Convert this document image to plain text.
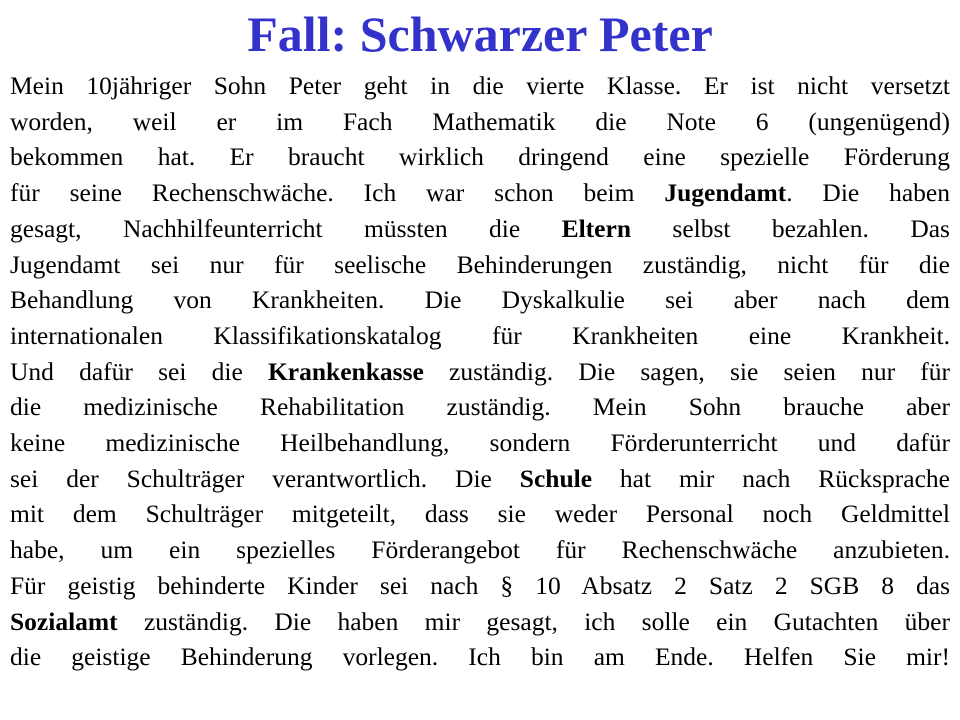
Fall: Schwarzer Peter
Mein 10jähriger Sohn Peter geht in die vierte Klasse. Er ist nicht versetzt
worden, weil er im Fach Mathematik die Note 6 (ungenügend)
bekommen hat. Er braucht wirklich dringend eine spezielle Förderung
für seine Rechenschwäche. Ich war schon beim Jugendamt. Die haben
gesagt, Nachhilfeunterricht müssten die Eltern selbst bezahlen. Das
Jugendamt sei nur für seelische Behinderungen zuständig, nicht für die
Behandlung von Krankheiten. Die Dyskalkulie sei aber nach dem
internationalen Klassifikationskatalog für Krankheiten eine Krankheit.
Und dafür sei die Krankenkasse zuständig. Die sagen, sie seien nur für
die medizinische Rehabilitation zuständig. Mein Sohn brauche aber
keine medizinische Heilbehandlung, sondern Förderunterricht und dafür
sei der Schulträger verantwortlich. Die Schule hat mir nach Rücksprache
mit dem Schulträger mitgeteilt, dass sie weder Personal noch Geldmittel
habe, um ein spezielles Förderangebot für Rechenschwäche anzubieten.
Für geistig behinderte Kinder sei nach § 10 Absatz 2 Satz 2 SGB 8 das
Sozialamt zuständig. Die haben mir gesagt, ich solle ein Gutachten über
die geistige Behinderung vorlegen. Ich bin am Ende. Helfen Sie mir!
